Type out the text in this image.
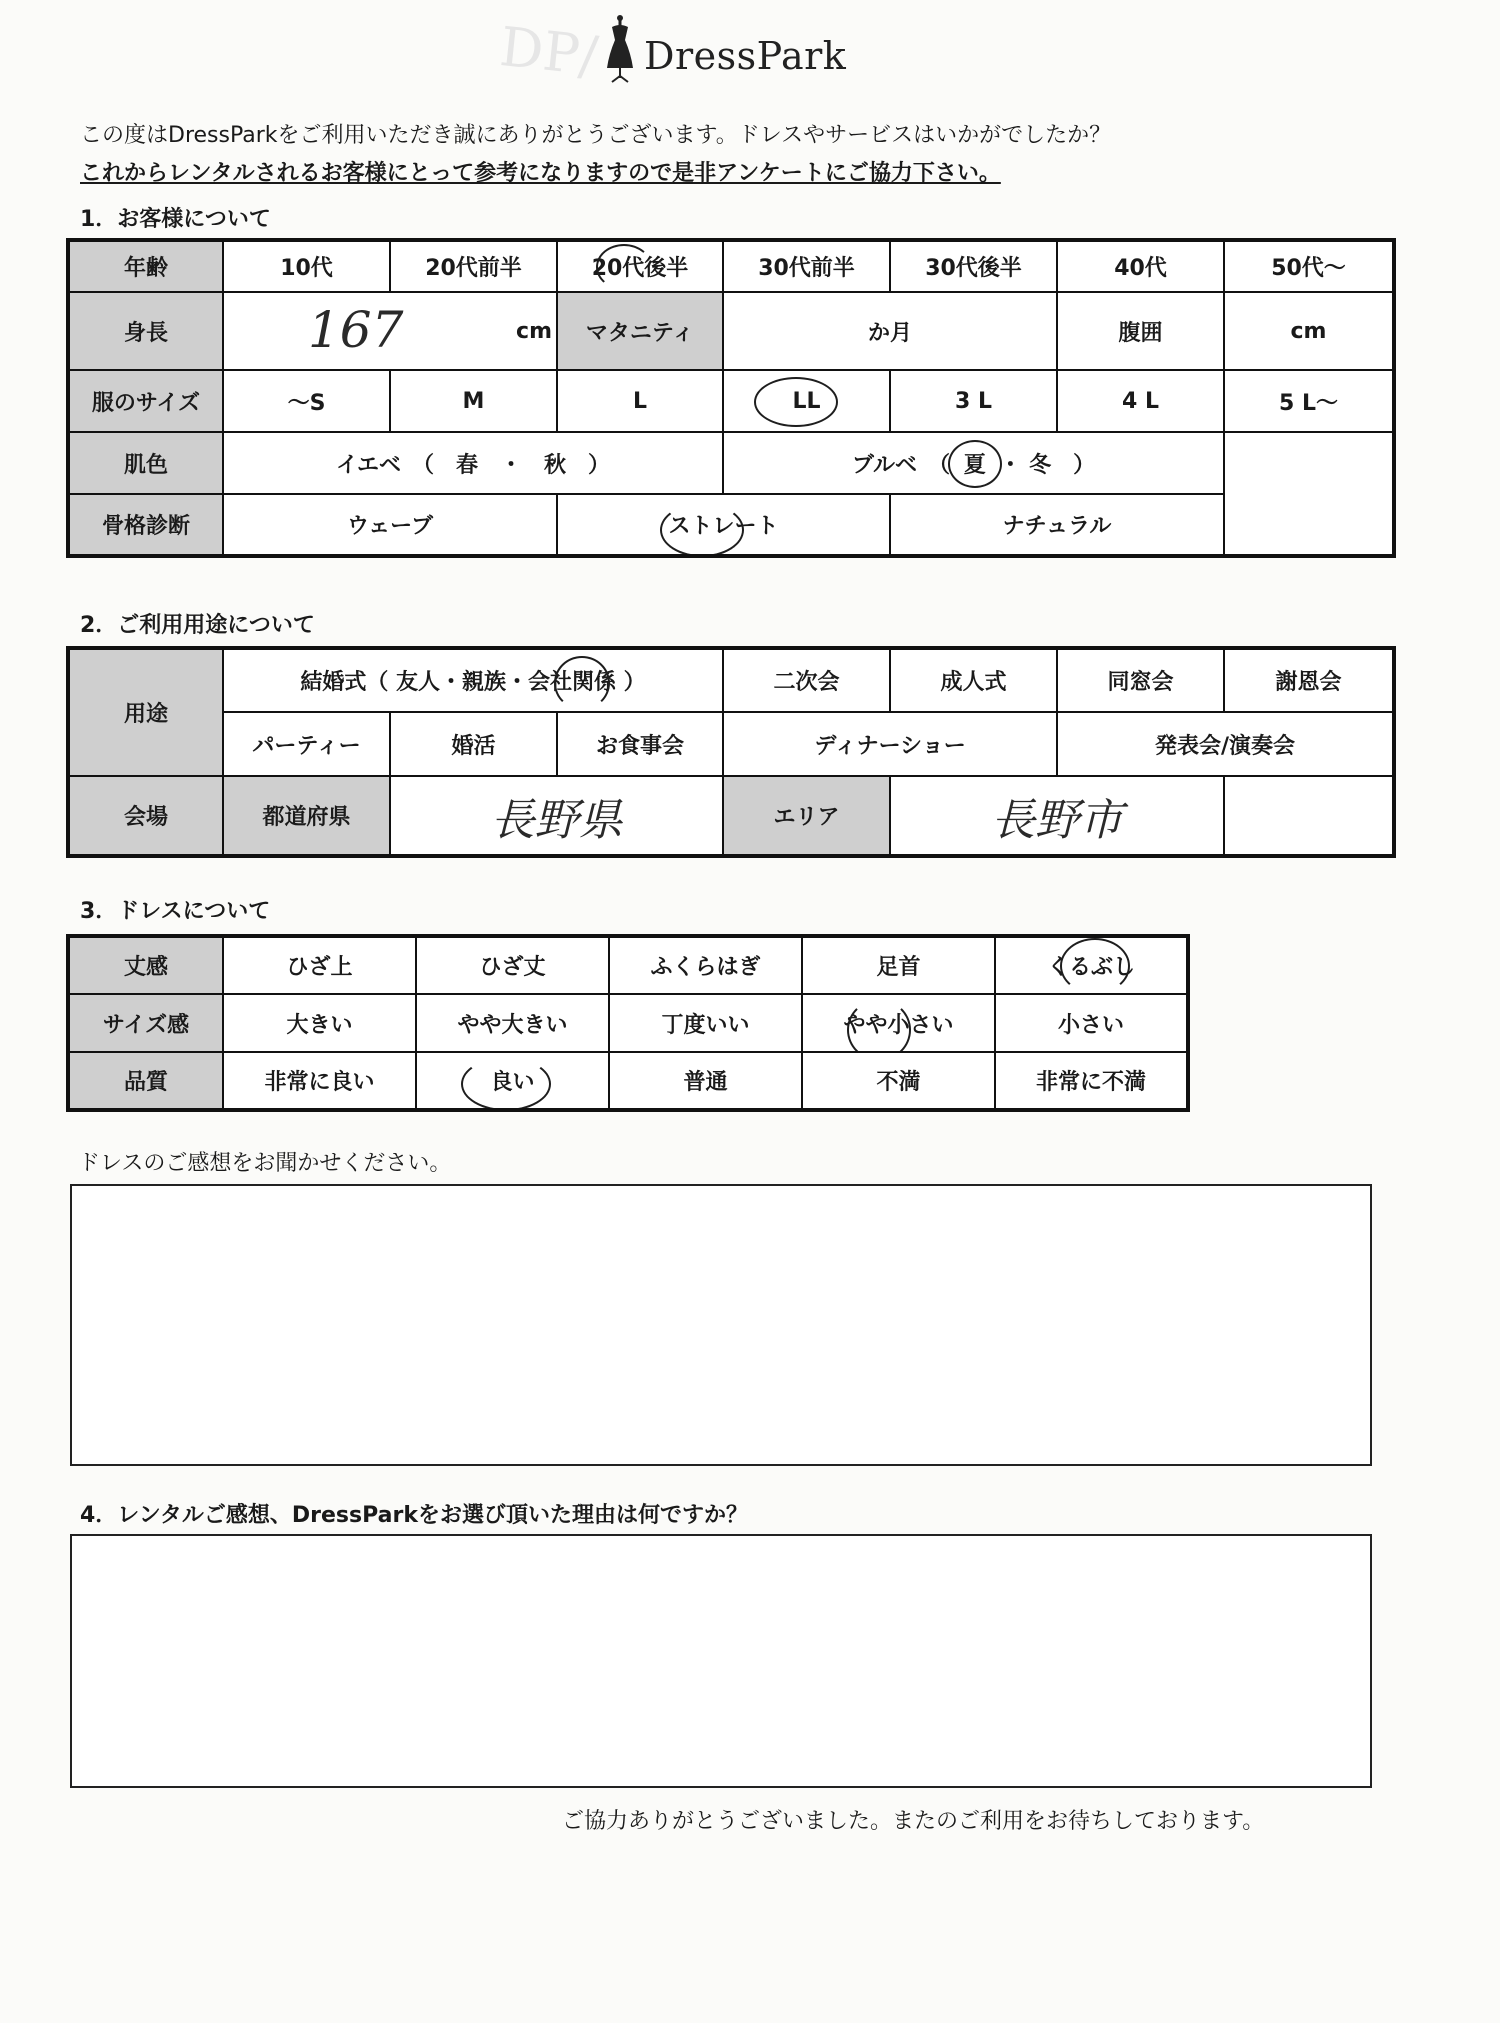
DP/ DressPark
この度はDressParkをご利用いただき誠にありがとうございます。ドレスやサービスはいかがでしたか？
これからレンタルされるお客様にとって参考になりますので是非アンケートにご協力下さい。
1．お客様について
年齢	10代	20代前半	20代後半	30代前半	30代後半	40代	50代〜
身長	167 cm		マタニティ	か月		腹囲	cm
服のサイズ	〜S	M	L	LL	3 L	4 L	5 L〜
肌色	イエベ　（　春　・　秋　）			ブルベ　（ 夏 ・ 冬　）			
骨格診断	ウェーブ		ストレート		ナチュラル		
2．ご利用用途について
用途	結婚式（ 友人・親族・会社関係 ）			二次会	成人式	同窓会	謝恩会
	パーティー	婚活	お食事会	ディナーショー		発表会/演奏会	
会場	都道府県	長野県		エリア	長野市		
3．ドレスについて
丈感	ひざ上	ひざ丈	ふくらはぎ	足首	くるぶし

サイズ感	大きい	やや大きい	丁度いい	やや小さい	小さい
品質	非常に良い	良い	普通	不満	非常に不満
ドレスのご感想をお聞かせください。
4．レンタルご感想、DressParkをお選び頂いた理由は何ですか？
ご協力ありがとうございました。またのご利用をお待ちしております。
